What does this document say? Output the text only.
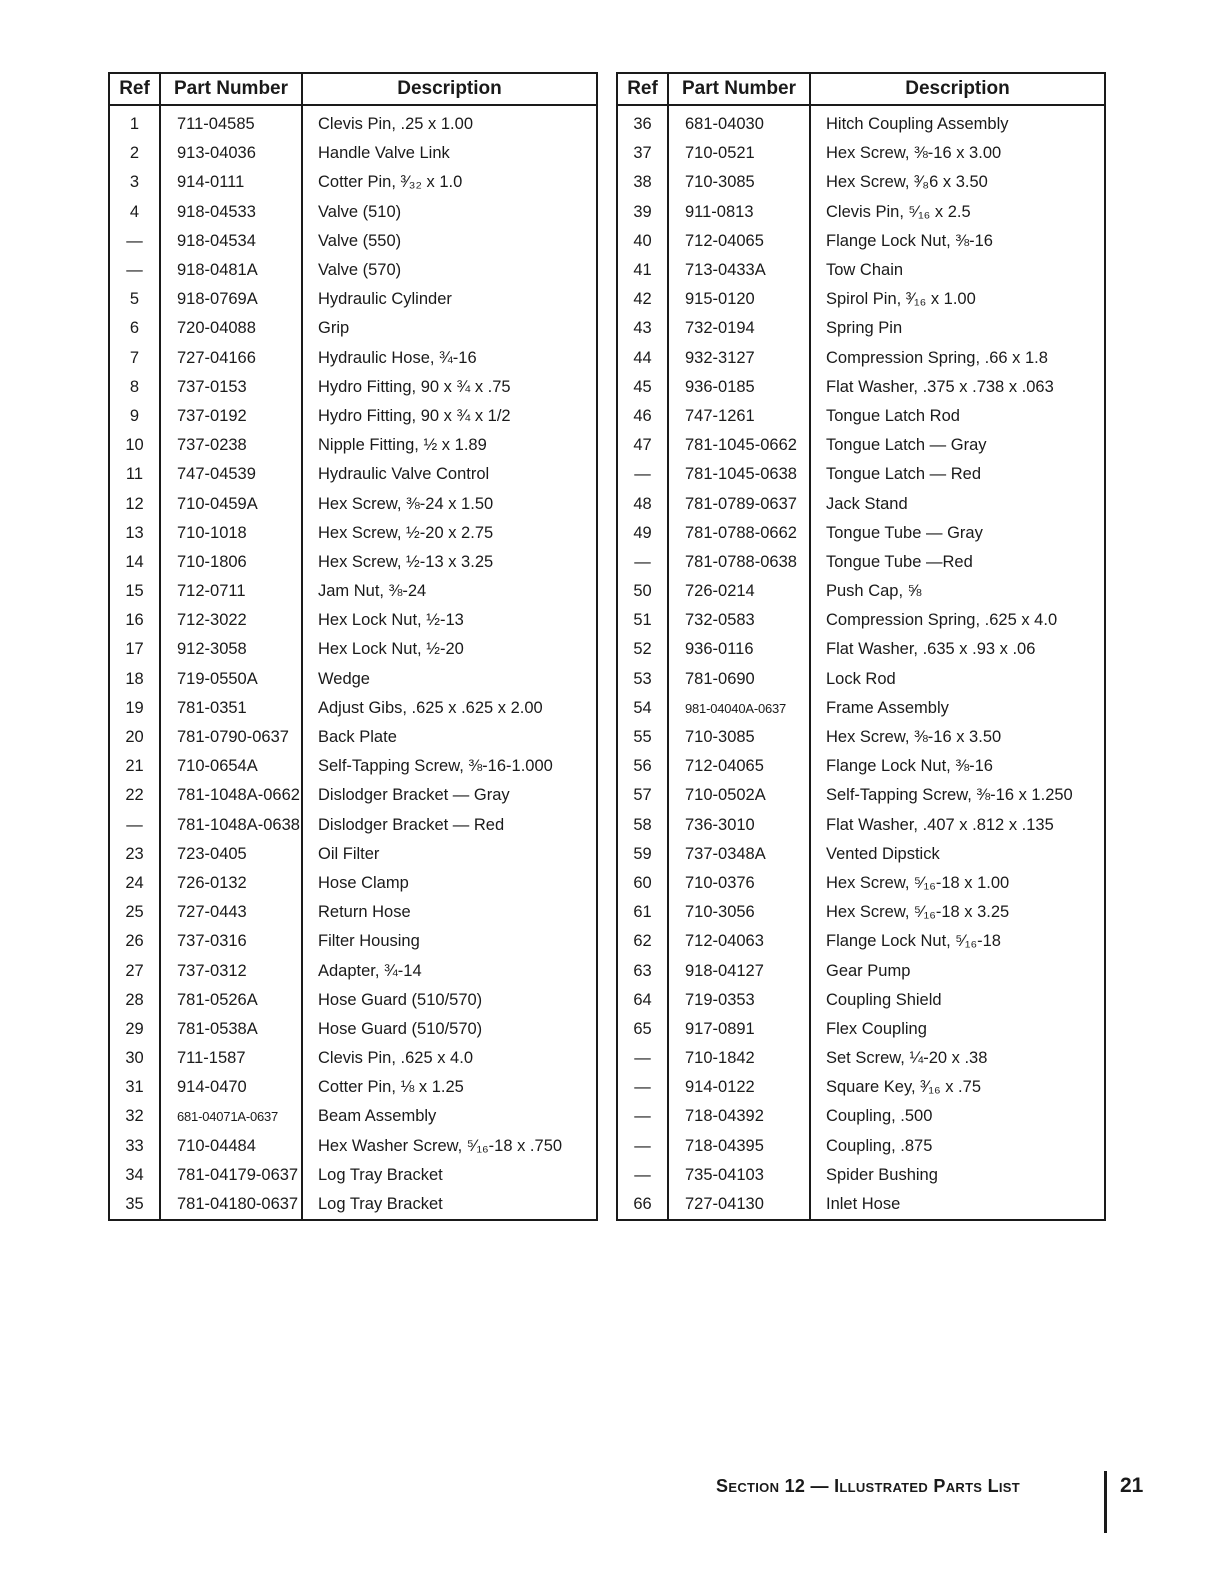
Ref	Part Number	Description
1	711-04585	Clevis Pin, .25 x 1.00
2	913-04036	Handle Valve Link
3	914-0111	Cotter Pin, ³⁄₃₂ x 1.0
4	918-04533	Valve (510)
—	918-04534	Valve (550)
—	918-0481A	Valve (570)
5	918-0769A	Hydraulic Cylinder
6	720-04088	Grip
7	727-04166	Hydraulic Hose, ¾-16
8	737-0153	Hydro Fitting, 90 x ¾ x .75
9	737-0192	Hydro Fitting, 90 x ¾ x 1/2
10	737-0238	Nipple Fitting, ½ x 1.89
11	747-04539	Hydraulic Valve Control
12	710-0459A	Hex Screw, ⅜-24 x 1.50
13	710-1018	Hex Screw, ½-20 x 2.75
14	710-1806	Hex Screw, ½-13 x 3.25
15	712-0711	Jam Nut, ⅜-24
16	712-3022	Hex Lock Nut, ½-13
17	912-3058	Hex Lock Nut, ½-20
18	719-0550A	Wedge
19	781-0351	Adjust Gibs, .625 x .625 x 2.00
20	781-0790-0637	Back Plate
21	710-0654A	Self-Tapping Screw, ⅜-16-1.000
22	781-1048A-0662	Dislodger Bracket — Gray
—	781-1048A-0638	Dislodger Bracket — Red
23	723-0405	Oil Filter
24	726-0132	Hose Clamp
25	727-0443	Return Hose
26	737-0316	Filter Housing
27	737-0312	Adapter, ¾-14
28	781-0526A	Hose Guard (510/570)
29	781-0538A	Hose Guard (510/570)
30	711-1587	Clevis Pin, .625 x 4.0
31	914-0470	Cotter Pin, ⅛ x 1.25
32	681-04071A-0637	Beam Assembly
33	710-04484	Hex Washer Screw, ⁵⁄₁₆-18 x .750
34	781-04179-0637	Log Tray Bracket
35	781-04180-0637	Log Tray Bracket
Ref	Part Number	Description
36	681-04030	Hitch Coupling Assembly
37	710-0521	Hex Screw, ⅜-16 x 3.00
38	710-3085	Hex Screw, ³⁄₈6 x 3.50
39	911-0813	Clevis Pin, ⁵⁄₁₆ x 2.5
40	712-04065	Flange Lock Nut, ⅜-16
41	713-0433A	Tow Chain
42	915-0120	Spirol Pin, ³⁄₁₆ x 1.00
43	732-0194	Spring Pin
44	932-3127	Compression Spring, .66 x 1.8
45	936-0185	Flat Washer, .375 x .738 x .063
46	747-1261	Tongue Latch Rod
47	781-1045-0662	Tongue Latch — Gray
—	781-1045-0638	Tongue Latch — Red
48	781-0789-0637	Jack Stand
49	781-0788-0662	Tongue Tube — Gray
—	781-0788-0638	Tongue Tube —Red
50	726-0214	Push Cap, ⅝
51	732-0583	Compression Spring, .625 x 4.0
52	936-0116	Flat Washer, .635 x .93 x .06
53	781-0690	Lock Rod
54	981-04040A-0637	Frame Assembly
55	710-3085	Hex Screw, ⅜-16 x 3.50
56	712-04065	Flange Lock Nut, ⅜-16
57	710-0502A	Self-Tapping Screw, ⅜-16 x 1.250
58	736-3010	Flat Washer, .407 x .812 x .135
59	737-0348A	Vented Dipstick
60	710-0376	Hex Screw, ⁵⁄₁₆-18 x 1.00
61	710-3056	Hex Screw, ⁵⁄₁₆-18 x 3.25
62	712-04063	Flange Lock Nut, ⁵⁄₁₆-18
63	918-04127	Gear Pump
64	719-0353	Coupling Shield
65	917-0891	Flex Coupling
—	710-1842	Set Screw, ¼-20 x .38
—	914-0122	Square Key, ³⁄₁₆ x .75
—	718-04392	Coupling, .500
—	718-04395	Coupling, .875
—	735-04103	Spider Bushing
66	727-04130	Inlet Hose
Section 12 — Illustrated Parts List	21
